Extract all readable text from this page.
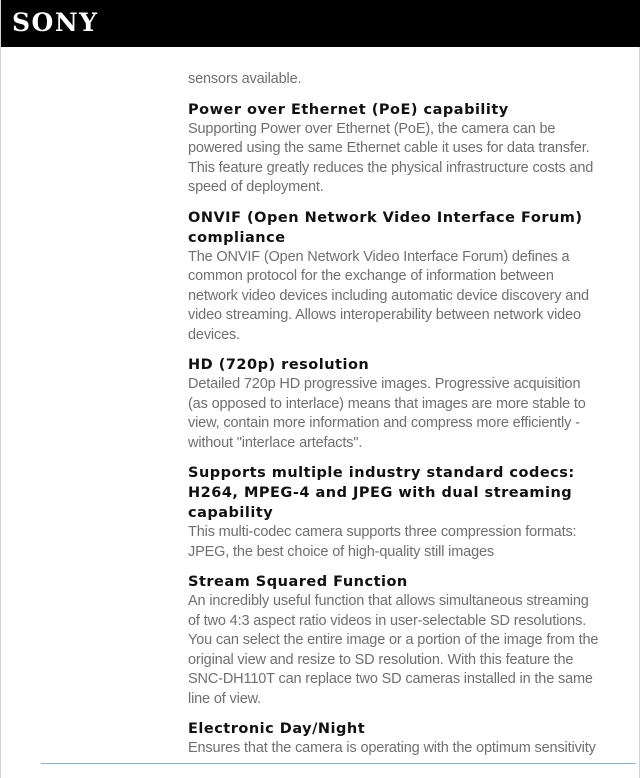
SONY

sensors available.

Power over Ethernet (PoE) capability

Supporting Power over Ethernet (PoE), the camera can be powered using the same Ethernet cable it uses for data transfer. This feature greatly reduces the physical infrastructure costs and speed of deployment.

ONVIF (Open Network Video Interface Forum) compliance

The ONVIF (Open Network Video Interface Forum) defines a common protocol for the exchange of information between network video devices including automatic device discovery and video streaming. Allows interoperability between network video devices.

HD (720p) resolution

Detailed 720p HD progressive images. Progressive acquisition (as opposed to interlace) means that images are more stable to view, contain more information and compress more efficiently - without "interlace artefacts".

Supports multiple industry standard codecs: H264, MPEG-4 and JPEG with dual streaming capability

This multi-codec camera supports three compression formats: JPEG, the best choice of high-quality still images

Stream Squared Function

An incredibly useful function that allows simultaneous streaming of two 4:3 aspect ratio videos in user-selectable SD resolutions. You can select the entire image or a portion of the image from the original view and resize to SD resolution. With this feature the SNC-DH110T can replace two SD cameras installed in the same line of view.

Electronic Day/Night

Ensures that the camera is operating with the optimum sensitivity
